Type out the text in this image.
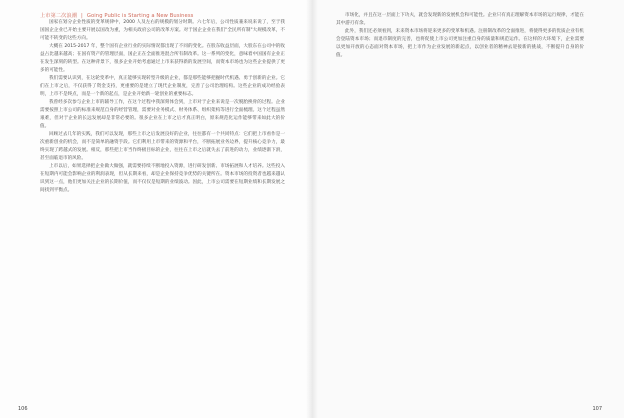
上市第二次浪潮 | Going Public is Starting a New Business

国家在划分企业性质的变革规律中，2000 人及左右的规模的划分时期。六七年后，公司性质兼来说来说了，至于我国国企企业已开始主要开展以国改为重，为相关政府公司的改革方案。对于国企企业在我们"全民所有制"大规模改革，不可能不转变的这些方向。

大概在 2015-2017 年，整个国有企业行业的实际情况都出现了不同的变化。在股东收益层面，大股东在公司中的收益占比越来越高；在国有资产的管理层面，国企正在全面推进混合所有制改革。这一系列的变化，意味着中国国有企业正在发生深刻的转型。在这种背景下，很多企业开始考虑通过上市来获得新的发展空间，而资本市场也为这些企业提供了更多的可能性。

我们需要认识到，在这轮变革中，真正能够实现转型升级的企业，都是那些能够把握时代机遇、勇于创新的企业。它们在上市之后，不仅获得了资金支持，更重要的是建立了现代企业制度，完善了公司治理结构。这些企业的成功经验表明，上市不是终点，而是一个新的起点，是企业开始新一轮创业的重要标志。

我曾经多次参与企业上市的辅导工作，在这个过程中我深刻体会到，上市对于企业来说是一次脱胎换骨的过程。企业需要按照上市公司的标准来规范自身的经营管理，需要对业务模式、财务体系、组织架构等进行全面梳理。这个过程虽然艰难，但对于企业的长远发展却是非常必要的。很多企业在上市之后才真正明白，原来规范化运作能够带来如此大的价值。

回顾过去几年的实践，我们可以发现，那些上市之后发展良好的企业，往往都有一个共同特点：它们把上市看作是一次重新创业的机会，而不是简单的融资手段。它们利用上市带来的资源和平台，不断拓展业务边界，提升核心竞争力，最终实现了跨越式的发展。相反，那些把上市当作终极目标的企业，往往在上市之后就失去了前进的动力，业绩逐渐下滑，甚至面临退市的风险。

上市以后，如果选择把企业做大做强，就需要持续不断地投入资源，进行研发创新、市场拓展和人才培养。这些投入在短期内可能会影响企业的利润表现，但从长期来看，却是企业保持竞争优势的关键所在。资本市场的投资者也越来越认识到这一点，他们更加关注企业的长期价值，而不仅仅是短期的业绩波动。因此，上市公司需要在短期业绩和长期发展之间找到平衡点。

106

市场化，并且在这一层面上下功夫，就会发现新的发展机会和可能性。企业只有真正理解资本市场的运行规律，才能在其中游刃有余。

此外，我们还必须看到，未来资本市场将迎来更多的变革和机遇。注册制改革的全面推进，将使得更多的优质企业有机会登陆资本市场；而退市制度的完善，也将促使上市公司更加注重自身的质量和规范运作。在这样的大环境下，企业需要以更加开放的心态面对资本市场，把上市作为企业发展的新起点，以创业者的精神去迎接新的挑战，不断提升自身的价值。

107
